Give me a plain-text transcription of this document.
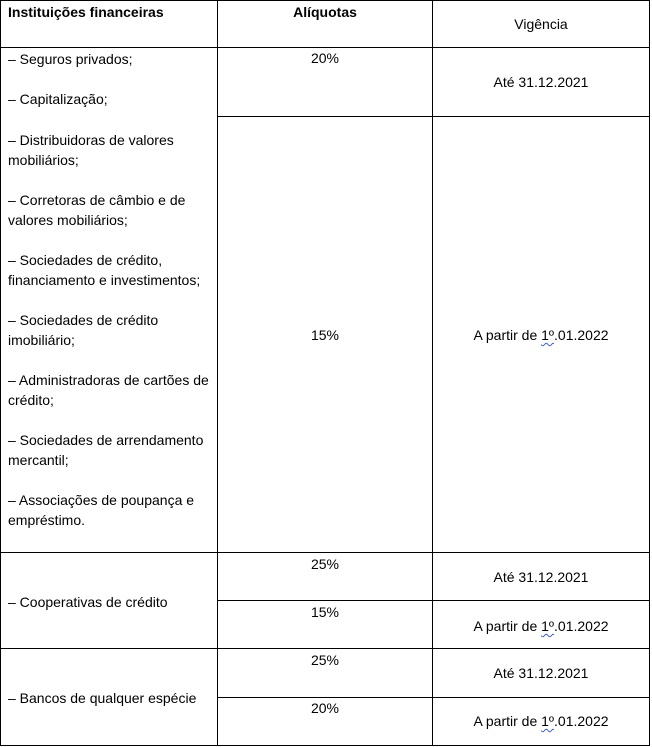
Instituições financeiras	Alíquotas
Vigência
– Seguros privados;
– Capitalização;
20%
Até 31.12.2021

– Distribuidoras de valores mobiliários;

– Corretoras de câmbio e de valores mobiliários;

– Sociedades de crédito, financiamento e investimentos;

– Sociedades de crédito imobiliário;

– Administradoras de cartões de crédito;

– Sociedades de arrendamento mercantil;

– Associações de poupança e empréstimo.

15%	A partir de 1º.01.2022
– Cooperativas de crédito
25%
Até 31.12.2021
15%
A partir de 1º.01.2022
– Bancos de qualquer espécie
25%
Até 31.12.2021
20%
A partir de 1º.01.2022
